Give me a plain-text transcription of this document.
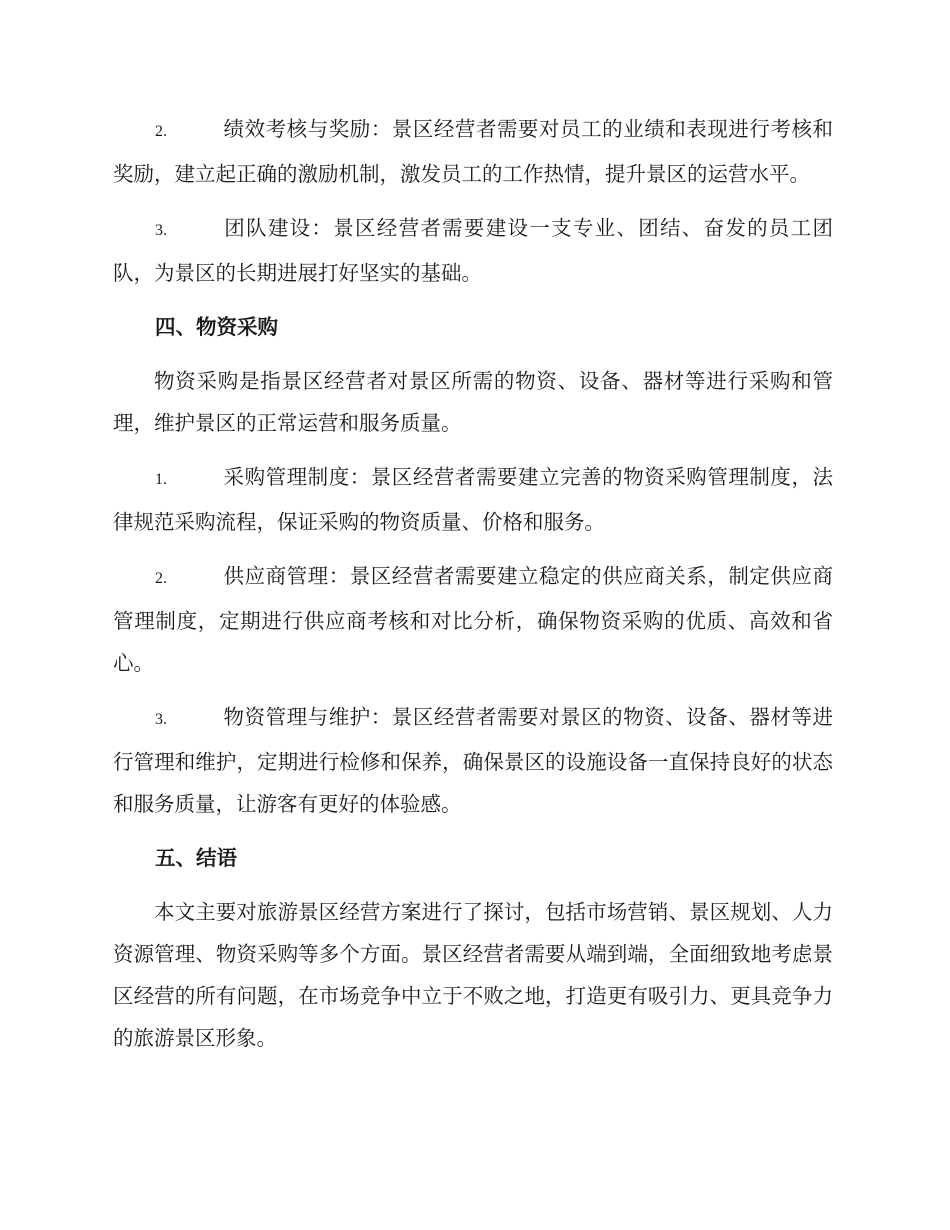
2.	绩效考核与奖励：景区经营者需要对员工的业绩和表现进行考核和奖励，建立起正确的激励机制，激发员工的工作热情，提升景区的运营水平。

3.	团队建设：景区经营者需要建设一支专业、团结、奋发的员工团队，为景区的长期进展打好坚实的基础。

四、物资采购

物资采购是指景区经营者对景区所需的物资、设备、器材等进行采购和管理，维护景区的正常运营和服务质量。

1.	采购管理制度：景区经营者需要建立完善的物资采购管理制度，法律规范采购流程，保证采购的物资质量、价格和服务。

2.	供应商管理：景区经营者需要建立稳定的供应商关系，制定供应商管理制度，定期进行供应商考核和对比分析，确保物资采购的优质、高效和省心。

3.	物资管理与维护：景区经营者需要对景区的物资、设备、器材等进行管理和维护，定期进行检修和保养，确保景区的设施设备一直保持良好的状态和服务质量，让游客有更好的体验感。

五、结语

本文主要对旅游景区经营方案进行了探讨，包括市场营销、景区规划、人力资源管理、物资采购等多个方面。景区经营者需要从端到端，全面细致地考虑景区经营的所有问题，在市场竞争中立于不败之地，打造更有吸引力、更具竞争力的旅游景区形象。
